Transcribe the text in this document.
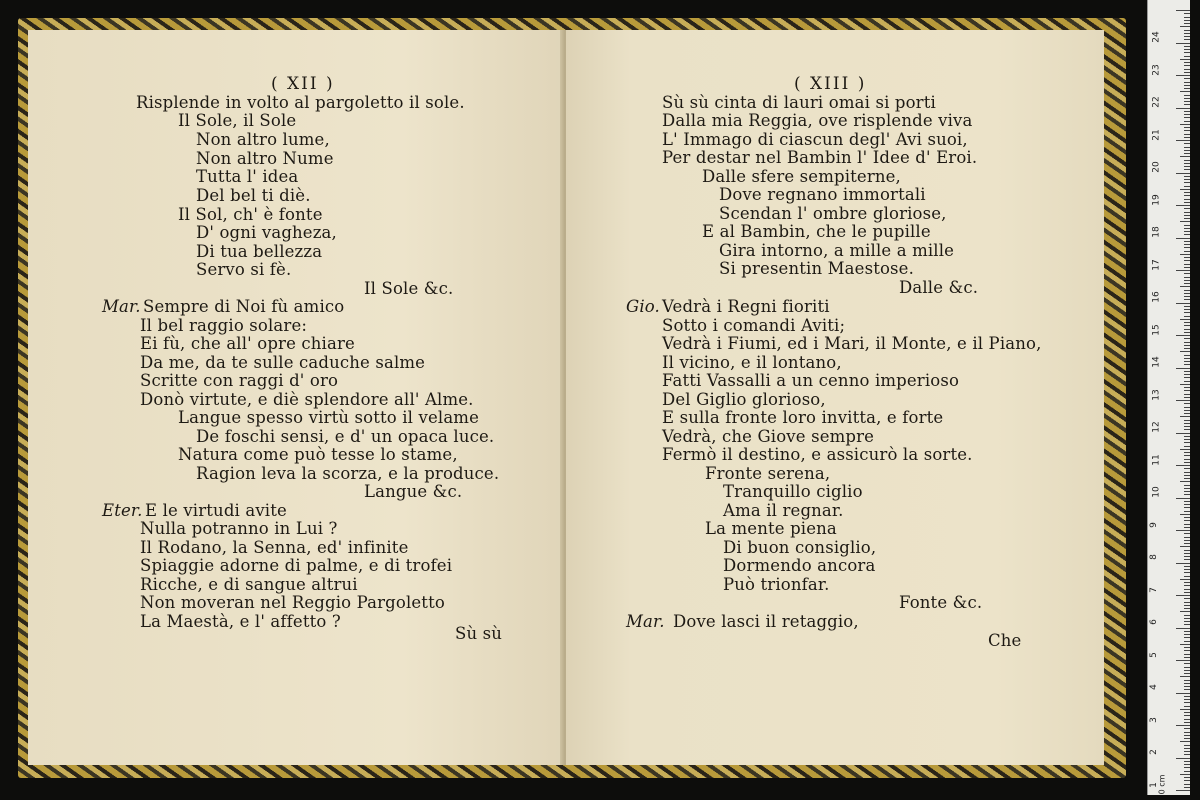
( XII )
Risplende in volto al pargoletto il sole.
Il Sole, il Sole
Non altro lume,
Non altro Nume
Tutta l' idea
Del bel ti diè.
Il Sol, ch' è fonte
D' ogni vagheza,
Di tua bellezza
Servo si fè.
Il Sole &c.
Mar. Sempre di Noi fù amico
Il bel raggio solare:
Ei fù, che all' opre chiare
Da me, da te sulle caduche salme
Scritte con raggi d' oro
Donò virtute, e diè splendore all' Alme.
Langue spesso virtù sotto il velame
De foschi sensi, e d' un opaca luce.
Natura come può tesse lo stame,
Ragion leva la scorza, e la produce.
Langue &c.
Eter. E le virtudi avite
Nulla potranno in Lui ?
Il Rodano, la Senna, ed' infinite
Spiaggie adorne di palme, e di trofei
Ricche, e di sangue altrui
Non moveran nel Reggio Pargoletto
La Maestà, e l' affetto ?
Sù sù
( XIII )
Sù sù cinta di lauri omai si porti
Dalla mia Reggia, ove risplende viva
L' Immago di ciascun degl' Avi suoi,
Per destar nel Bambin l' Idee d' Eroi.
Dalle sfere sempiterne,
Dove regnano immortali
Scendan l' ombre gloriose,
E al Bambin, che le pupille
Gira intorno, a mille a mille
Si presentin Maestose.
Dalle &c.
Gio. Vedrà i Regni fioriti
Sotto i comandi Aviti;
Vedrà i Fiumi, ed i Mari, il Monte, e il Piano,
Il vicino, e il lontano,
Fatti Vassalli a un cenno imperioso
Del Giglio glorioso,
E sulla fronte loro invitta, e forte
Vedrà, che Giove sempre
Fermò il destino, e assicurò la sorte.
Fronte serena,
Tranquillo ciglio
Ama il regnar.
La mente piena
Di buon consiglio,
Dormendo ancora
Può trionfar.
Fonte &c.
Mar. Dove lasci il retaggio,
Che
0 cm
24
23
22
21
20
19
18
17
16
15
14
13
12
11
10
9
8
7
6
5
4
3
2
1
